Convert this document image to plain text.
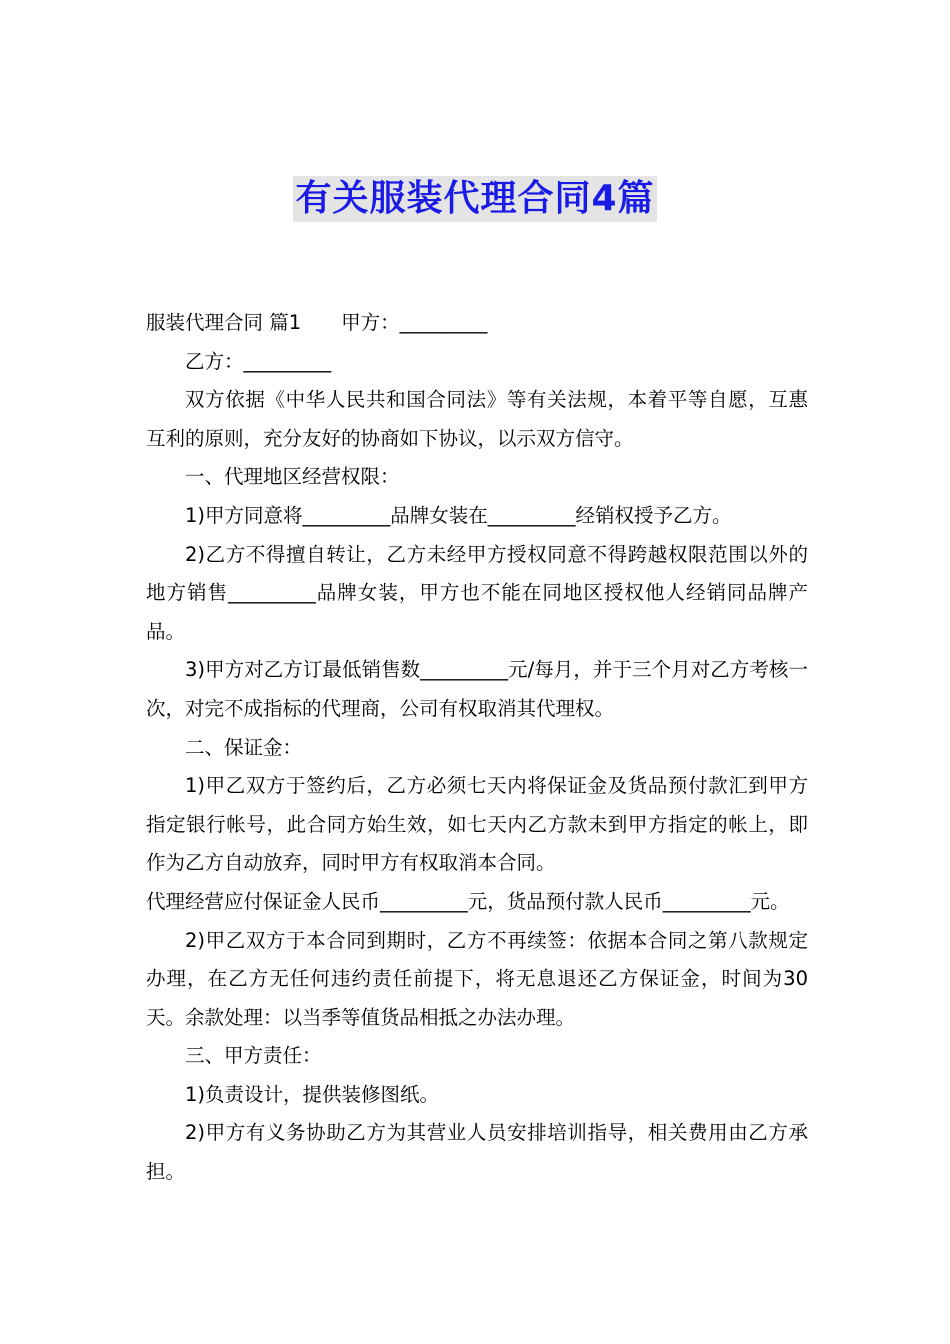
有关服装代理合同4篇

服装代理合同 篇1 甲方：_________

乙方：_________

双方依据《中华人民共和国合同法》等有关法规，本着平等自愿，互惠互利的原则，充分友好的协商如下协议，以示双方信守。

一、代理地区经营权限：

1)甲方同意将_________品牌女装在_________经销权授予乙方。

2)乙方不得擅自转让，乙方未经甲方授权同意不得跨越权限范围以外的地方销售_________品牌女装，甲方也不能在同地区授权他人经销同品牌产品。

3)甲方对乙方订最低销售数_________元/每月，并于三个月对乙方考核一次，对完不成指标的代理商，公司有权取消其代理权。

二、保证金：

1)甲乙双方于签约后，乙方必须七天内将保证金及货品预付款汇到甲方指定银行帐号，此合同方始生效，如七天内乙方款未到甲方指定的帐上，即作为乙方自动放弃，同时甲方有权取消本合同。

代理经营应付保证金人民币_________元，货品预付款人民币_________元。

2)甲乙双方于本合同到期时，乙方不再续签：依据本合同之第八款规定办理，在乙方无任何违约责任前提下，将无息退还乙方保证金，时间为30天。余款处理：以当季等值货品相抵之办法办理。

三、甲方责任：

1)负责设计，提供装修图纸。

2)甲方有义务协助乙方为其营业人员安排培训指导，相关费用由乙方承担。
